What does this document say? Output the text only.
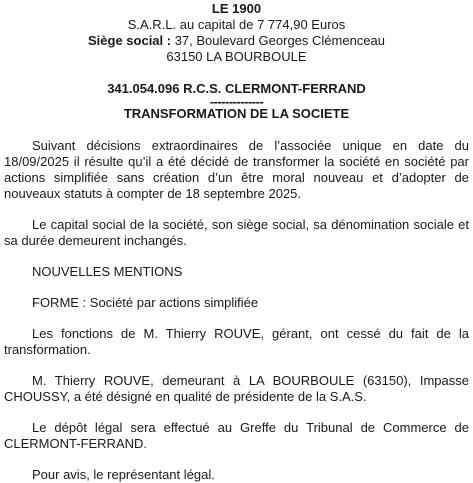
LE 1900

S.A.R.L. au capital de 7 774,90 Euros

Siège social : 37, Boulevard Georges Clémenceau

63150 LA BOURBOULE

341.054.096 R.C.S. CLERMONT-FERRAND

--------------

TRANSFORMATION DE LA SOCIETE

Suivant décisions extraordinaires de l’associée unique en date du 18/09/2025 il résulte qu’il a été décidé de transformer la société en société par actions simplifiée sans création d’un être moral nouveau et d’adopter de nouveaux statuts à compter de 18 septembre 2025.

Le capital social de la société, son siège social, sa dénomination sociale et sa durée demeurent inchangés.

NOUVELLES MENTIONS

FORME : Société par actions simplifiée

Les fonctions de M. Thierry ROUVE, gérant, ont cessé du fait de la transformation.

M. Thierry ROUVE, demeurant à LA BOURBOULE (63150), Impasse CHOUSSY, a été désigné en qualité de présidente de la S.A.S.

Le dépôt légal sera effectué au Greffe du Tribunal de Commerce de CLERMONT-FERRAND.

Pour avis, le représentant légal.
